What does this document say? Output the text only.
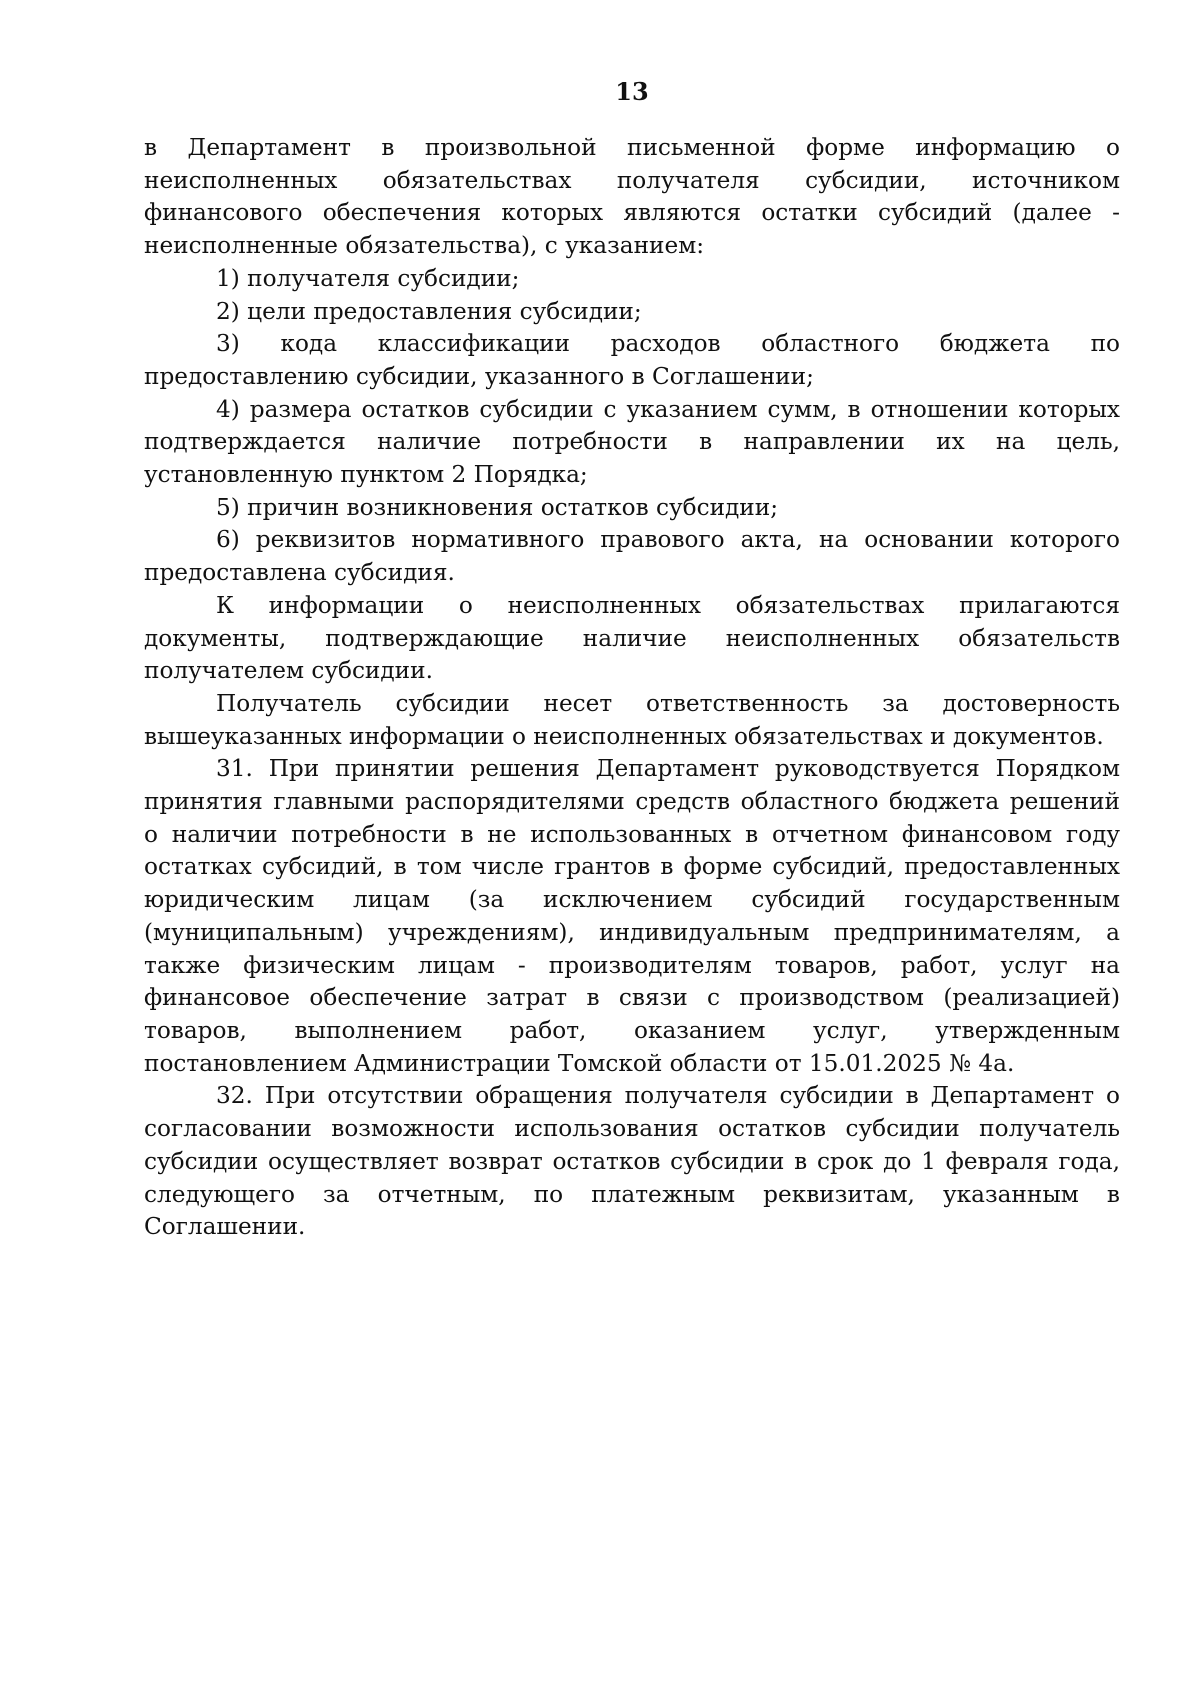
13

в Департамент в произвольной письменной форме информацию о неисполненных обязательствах получателя субсидии, источником финансового обеспечения которых являются остатки субсидий (далее - неисполненные обязательства), с указанием:

1) получателя субсидии;

2) цели предоставления субсидии;

3) кода классификации расходов областного бюджета по предоставлению субсидии, указанного в Соглашении;

4) размера остатков субсидии с указанием сумм, в отношении которых подтверждается наличие потребности в направлении их на цель, установленную пунктом 2 Порядка;

5) причин возникновения остатков субсидии;

6) реквизитов нормативного правового акта, на основании которого предоставлена субсидия.

К информации о неисполненных обязательствах прилагаются документы, подтверждающие наличие неисполненных обязательств получателем субсидии.

Получатель субсидии несет ответственность за достоверность вышеуказанных информации о неисполненных обязательствах и документов.

31. При принятии решения Департамент руководствуется Порядком принятия главными распорядителями средств областного бюджета решений о наличии потребности в не использованных в отчетном финансовом году остатках субсидий, в том числе грантов в форме субсидий, предоставленных юридическим лицам (за исключением субсидий государственным (муниципальным) учреждениям), индивидуальным предпринимателям, а также физическим лицам - производителям товаров, работ, услуг на финансовое обеспечение затрат в связи с производством (реализацией) товаров, выполнением работ, оказанием услуг, утвержденным постановлением Администрации Томской области от 15.01.2025 № 4а.

32. При отсутствии обращения получателя субсидии в Департамент о согласовании возможности использования остатков субсидии получатель субсидии осуществляет возврат остатков субсидии в срок до 1 февраля года, следующего за отчетным, по платежным реквизитам, указанным в Соглашении.
